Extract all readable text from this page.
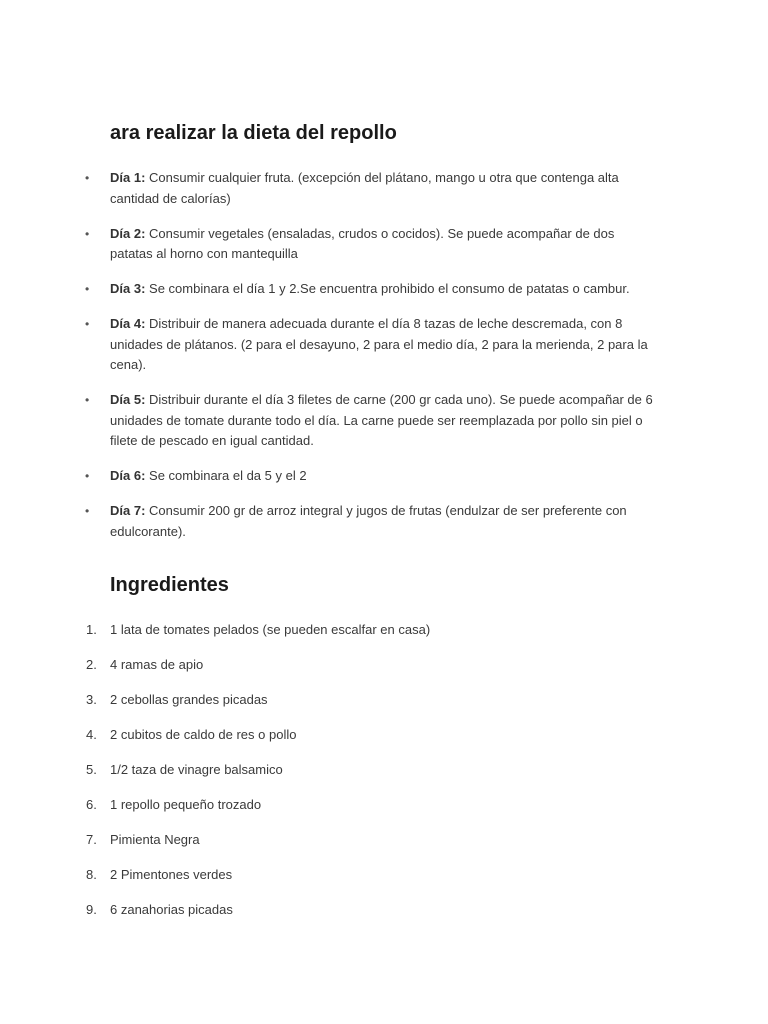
ara realizar la dieta del repollo
• Día 1: Consumir cualquier fruta. (excepción del plátano, mango u otra que contenga alta cantidad de calorías)
• Día 2: Consumir vegetales (ensaladas, crudos o cocidos). Se puede acompañar de dos patatas al horno con mantequilla
• Día 3: Se combinara el día 1 y 2.Se encuentra prohibido el consumo de patatas o cambur.
• Día 4: Distribuir de manera adecuada durante el día 8 tazas de leche descremada, con 8 unidades de plátanos. (2 para el desayuno, 2 para el medio día, 2 para la merienda, 2 para la cena).
• Día 5: Distribuir durante el día 3 filetes de carne (200 gr cada uno). Se puede acompañar de 6 unidades de tomate durante todo el día. La carne puede ser reemplazada por pollo sin piel o filete de pescado en igual cantidad.
• Día 6: Se combinara el da 5 y el 2
• Día 7: Consumir 200 gr de arroz integral y jugos de frutas (endulzar de ser preferente con edulcorante).
Ingredientes
1. 1 lata de tomates pelados (se pueden escalfar en casa)
2. 4 ramas de apio
3. 2 cebollas grandes picadas
4. 2 cubitos de caldo de res o pollo
5. 1/2 taza de vinagre balsamico
6. 1 repollo pequeño trozado
7. Pimienta Negra
8. 2 Pimentones verdes
9. 6 zanahorias picadas
